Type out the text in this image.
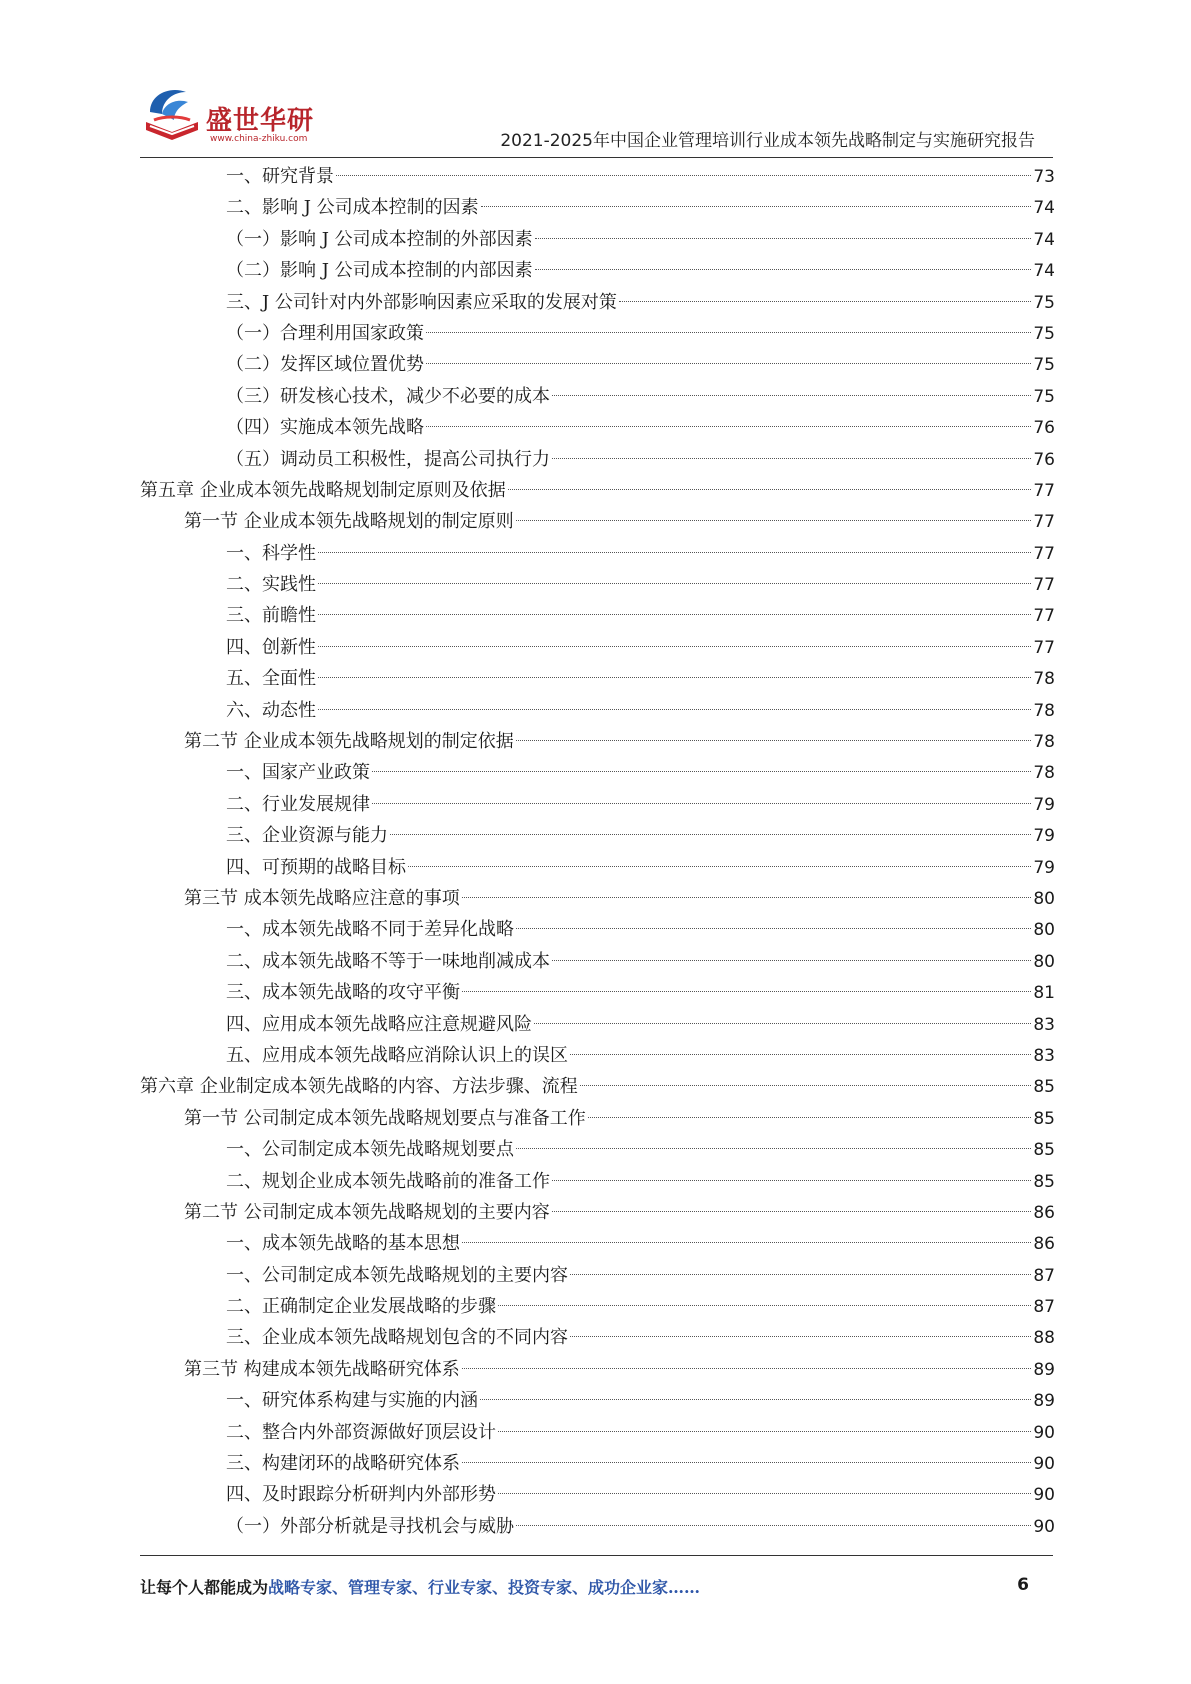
盛世华研
www.china-zhiku.com	2021-2025年中国企业管理培训行业成本领先战略制定与实施研究报告
一、研究背景	73
二、影响 J 公司成本控制的因素	74
（一）影响 J 公司成本控制的外部因素	74
（二）影响 J 公司成本控制的内部因素	74
三、J 公司针对内外部影响因素应采取的发展对策	75
（一）合理利用国家政策	75
（二）发挥区域位置优势	75
（三）研发核心技术，减少不必要的成本	75
（四）实施成本领先战略	76
（五）调动员工积极性，提高公司执行力	76
第五章 企业成本领先战略规划制定原则及依据	77
第一节 企业成本领先战略规划的制定原则	77
一、科学性	77
二、实践性	77
三、前瞻性	77
四、创新性	77
五、全面性	78
六、动态性	78
第二节 企业成本领先战略规划的制定依据	78
一、国家产业政策	78
二、行业发展规律	79
三、企业资源与能力	79
四、可预期的战略目标	79
第三节 成本领先战略应注意的事项	80
一、成本领先战略不同于差异化战略	80
二、成本领先战略不等于一味地削减成本	80
三、成本领先战略的攻守平衡	81
四、应用成本领先战略应注意规避风险	83
五、应用成本领先战略应消除认识上的误区	83
第六章 企业制定成本领先战略的内容、方法步骤、流程	85
第一节 公司制定成本领先战略规划要点与准备工作	85
一、公司制定成本领先战略规划要点	85
二、规划企业成本领先战略前的准备工作	85
第二节 公司制定成本领先战略规划的主要内容	86
一、成本领先战略的基本思想	86
一、公司制定成本领先战略规划的主要内容	87
二、正确制定企业发展战略的步骤	87
三、企业成本领先战略规划包含的不同内容	88
第三节 构建成本领先战略研究体系	89
一、研究体系构建与实施的内涵	89
二、整合内外部资源做好顶层设计	90
三、构建闭环的战略研究体系	90
四、及时跟踪分析研判内外部形势	90
（一）外部分析就是寻找机会与威胁	90
让每个人都能成为战略专家、管理专家、行业专家、投资专家、成功企业家……	6
